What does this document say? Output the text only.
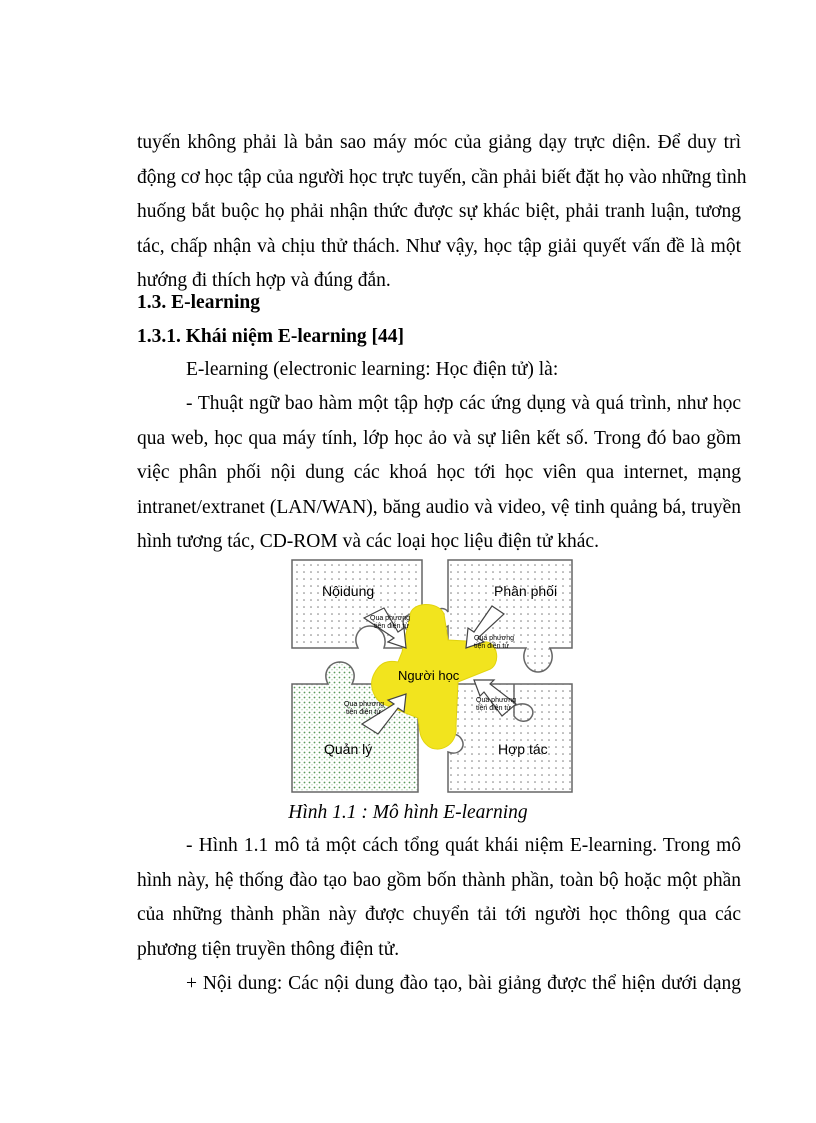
tuyến không phải là bản sao máy móc của giảng dạy trực diện. Để duy trì
động cơ học tập của người học trực tuyến, cần phải biết đặt họ vào những tình
huống bắt buộc họ phải nhận thức được sự khác biệt, phải tranh luận, tương
tác, chấp nhận và chịu thử thách. Như vậy, học tập giải quyết vấn đề là một
hướng đi thích hợp và đúng đắn.
1.3. E-learning
1.3.1. Khái niệm E-learning [44]
E-learning (electronic learning: Học điện tử) là:
- Thuật ngữ bao hàm một tập hợp các ứng dụng và quá trình, như học
qua web, học qua máy tính, lớp học ảo và sự liên kết số. Trong đó bao gồm
việc phân phối nội dung các khoá học tới học viên qua internet, mạng
intranet/extranet (LAN/WAN), băng audio và video, vệ tinh quảng bá, truyền
hình tương tác, CD-ROM và các loại học liệu điện tử khác.
Nộidung	Phân phối
Quản lý	Hợp tác
Người học
Qua phương
tiện điện tử
Qua phương
tiện điện tử
Qua phương
tiện điện tử
Qua phương
tiện điện tử
Hình 1.1 : Mô hình E-learning
- Hình 1.1 mô tả một cách tổng quát khái niệm E-learning. Trong mô
hình này, hệ thống đào tạo bao gồm bốn thành phần, toàn bộ hoặc một phần
của những thành phần này được chuyển tải tới người học thông qua các
phương tiện truyền thông điện tử.
+ Nội dung: Các nội dung đào tạo, bài giảng được thể hiện dưới dạng
